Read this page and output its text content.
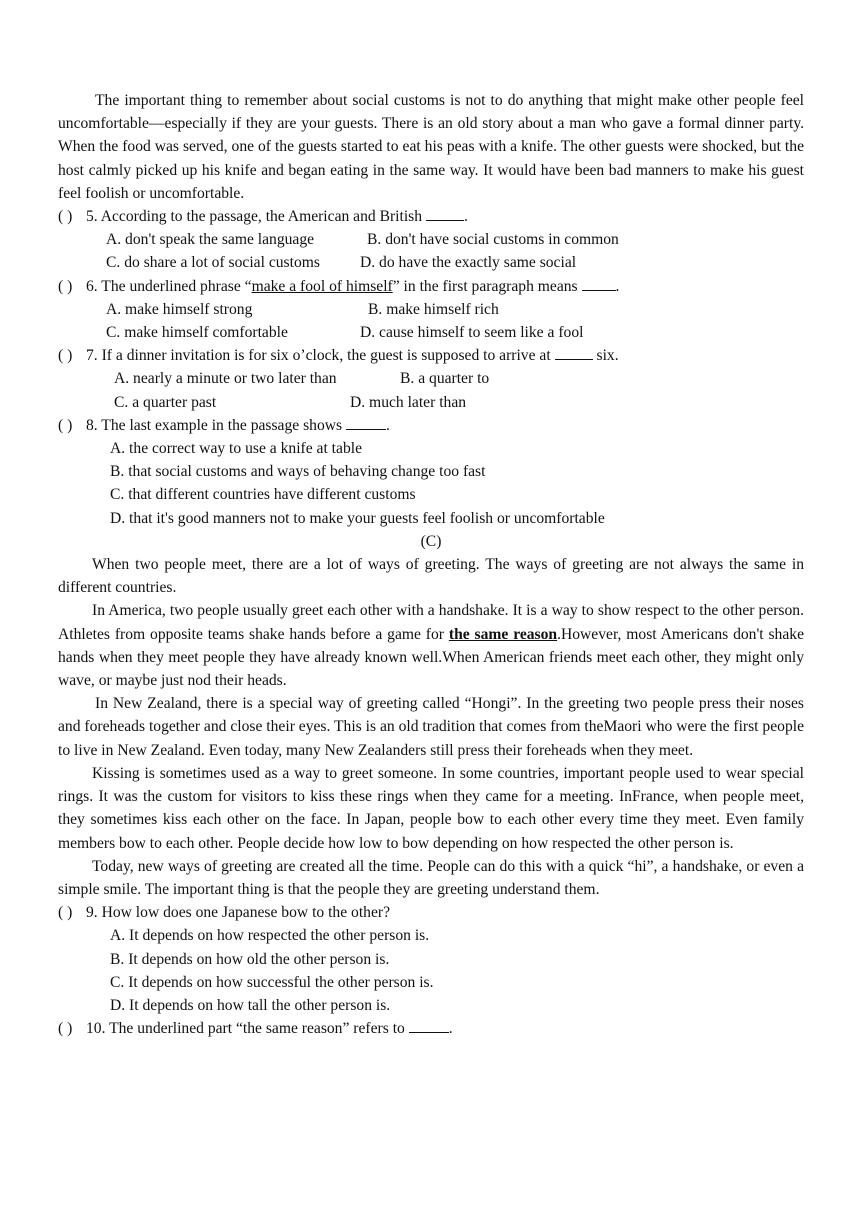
The important thing to remember about social customs is not to do anything that might make other people feel uncomfortable—especially if they are your guests. There is an old story about a man who gave a formal dinner party. When the food was served, one of the guests started to eat his peas with a knife. The other guests were shocked, but the host calmly picked up his knife and began eating in the same way. It would have been bad manners to make his guest feel foolish or uncomfortable.

( ) 5. According to the passage, the American and British	.

A. don't speak the same language	B. don't have social customs in common

C. do share a lot of social customs	D. do have the exactly same social

( ) 6. The underlined phrase “make a fool of himself” in the first paragraph means .

A. make himself strong	B. make himself rich

C. make himself comfortable	D. cause himself to seem like a fool

( ) 7. If a dinner invitation is for six o’clock, the guest is supposed to arrive at	six.

A. nearly a minute or two later than	B. a quarter to

C. a quarter past	D. much later than

( ) 8. The last example in the passage shows	.

A. the correct way to use a knife at table

B. that social customs and ways of behaving change too fast

C. that different countries have different customs

D. that it's good manners not to make your guests feel foolish or uncomfortable

(C)

When two people meet, there are a lot of ways of greeting. The ways of greeting are not always the same in different countries.

In America, two people usually greet each other with a handshake. It is a way to show respect to the other person. Athletes from opposite teams shake hands before a game for the same reason.However, most Americans don't shake hands when they meet people they have already known well.When American friends meet each other, they might only wave, or maybe just nod their heads.

In New Zealand, there is a special way of greeting called “Hongi”. In the greeting two people press their noses and foreheads together and close their eyes. This is an old tradition that comes from theMaori who were the first people to live in New Zealand. Even today, many New Zealanders still press their foreheads when they meet.

Kissing is sometimes used as a way to greet someone. In some countries, important people used to wear special rings. It was the custom for visitors to kiss these rings when they came for a meeting. InFrance, when people meet, they sometimes kiss each other on the face. In Japan, people bow to each other every time they meet. Even family members bow to each other. People decide how low to bow depending on how respected the other person is.

Today, new ways of greeting are created all the time. People can do this with a quick “hi”, a handshake, or even a simple smile. The important thing is that the people they are greeting understand them.

( ) 9. How low does one Japanese bow to the other?

A. It depends on how respected the other person is.

B. It depends on how old the other person is.

C. It depends on how successful the other person is.

D. It depends on how tall the other person is.

( ) 10. The underlined part “the same reason” refers to	.
